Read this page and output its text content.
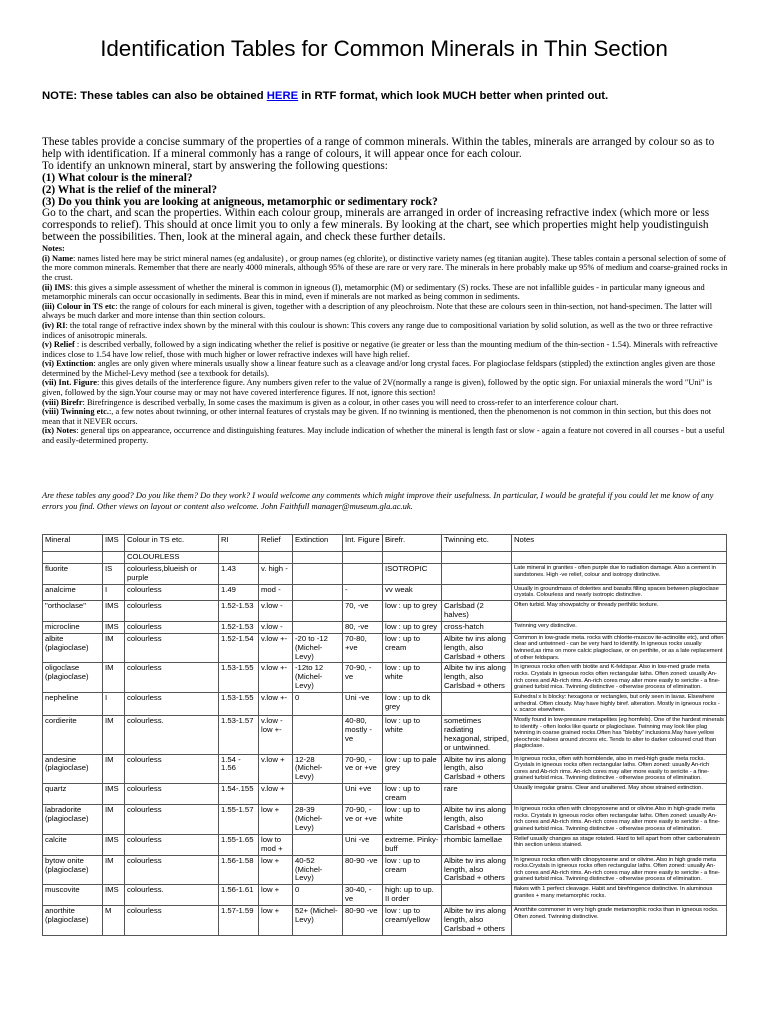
Identification Tables for Common Minerals in Thin Section

NOTE: These tables can also be obtained HERE in RTF format, which look MUCH better when printed out.

These tables provide a concise summary of the properties of a range of common minerals. Within the tables, minerals are arranged by colour so as to help with identification. If a mineral commonly has a range of colours, it will appear once for each colour.

To identify an unknown mineral, start by answering the following questions:

(1) What colour is the mineral?

(2) What is the relief of the mineral?

(3) Do you think you are looking at anigneous, metamorphic or sedimentary rock?

Go to the chart, and scan the properties. Within each colour group, minerals are arranged in order of increasing refractive index (which more or less corresponds to relief). This should at once limit you to only a few minerals. By looking at the chart, see which properties might help youdistinguish between the possibilities. Then, look at the mineral again, and check these further details.

Notes:

(i) Name: names listed here may be strict mineral names (eg andalusite) , or group names (eg chlorite), or distinctive variety names (eg titanian augite). These tables contain a personal selection of some of the more common minerals. Remember that there are nearly 4000 minerals, although 95% of these are rare or very rare. The minerals in here probably make up 95% of medium and coarse-grained rocks in the crust.

(ii) IMS: this gives a simple assessment of whether the mineral is common in igneous (I), metamorphic (M) or sedimentary (S) rocks. These are not infallible guides - in particular many igneous and metamorphic minerals can occur occasionally in sediments. Bear this in mind, even if minerals are not marked as being common in sediments.

(iii) Colour in TS etc: the range of colours for each mineral is given, together with a description of any pleochroism. Note that these are colours seen in thin-section, not hand-specimen. The latter will always be much darker and more intense than thin section colours.

(iv) RI: the total range of refractive index shown by the mineral with this coulour is shown: This covers any range due to compositional variation by solid solution, as well as the two or three refractive indices of anisotropic minerals.

(v) Relief : is described verbally, followed by a sign indicating whether the relief is positive or negative (ie greater or less than the mounting medium of the thin-section - 1.54). Minerals with refreactive indices close to 1.54 have low relief, those with much higher or lower refractive indexes will have high relief.

(vi) Extinction: angles are only given where minerals usually show a linear feature such as a cleavage and/or long crystal faces. For plagioclase feldspars (stippled) the extinction angles given are those determined by the Michel-Levy method (see a textbook for details).

(vii) Int. Figure: this gives details of the interference figure. Any numbers given refer to the value of 2V(normally a range is given), followed by the optic sign. For uniaxial minerals the word "Uni" is given, followed by the sign.Your course may or may not have covered interference figures. If not, ignore this section!

(viii) Birefr: Birefringence is described verbally, In some cases the maximum is given as a colour, in other cases you will need to cross-refer to an interference colour chart.

(viii) Twinning etc.:, a few notes about twinning, or other internal features of crystals may be given. If no twinning is mentioned, then the phenomenon is not common in thin section, but this does not mean that it NEVER occurs.

(ix) Notes: general tips on appearance, occurrence and distinguishing features. May include indication of whether the mineral is length fast or slow - again a feature not covered in all courses - but a useful and easily-determined property.

Are these tables any good? Do you like them? Do they work? I would welcome any comments which might improve their usefulness. In particular, I would be grateful if you could let me know of any errors you find. Other views on layout or content also welcome. John Faithfull manager@museum.gla.ac.uk.
Mineral	IMS	Colour in TS etc.	RI	Relief	Extinction	Int. Figure	Birefr.	Twinning etc.	Notes
		COLOURLESS							
fluorite	IS	colourless,blueish or purple	1.43	v. high -			ISOTROPIC		Late mineral in granites - often purple due to radiation damage. Also a cement in sandstones. High -ve relief, colour and isotropy distinctive.
analcime	I	colourless	1.49	mod -		-	vv weak		Usually in groundmass of dolerites and basalts filling spaces between plagioclase crystals. Colourless and nearly isotropic distinctive.
"orthoclase"	IMS	colourless	1.52-1.53	v.low -		70, -ve	low : up to grey	Carlsbad (2 halves)	Often turbid. May showpatchy or thready perthitic texture.
microcline	IMS	colourless	1.52-1.53	v.low -		80, -ve	low : up to grey	cross-hatch	Twinning very distinctive.
albite (plagioclase)	IM	colourless	1.52-1.54	v.low +-	-20 to -12 (Michel-Levy)	70-80, +ve	low : up to cream	Albite tw ins along length, also Carlsbad + others	Common in low-grade meta. rocks with chlorite-muscov ite-actinolite etc), and often clear and untwinned - can be very hard to identify. In igneous rocks usually twinned,as rims on more calcic plagioclase, or on perthite, or as a late replacement of other feldspars.
oligoclase (plagioclase)	IM	colourless	1.53-1.55	v.low +-	-12to 12 (Michel-Levy)	70-90, - ve	low : up to white	Albite tw ins along length, also Carlsbad + others	In igneous rocks often with biotite and K-feldspar. Also in low-med grade meta rocks. Crystals in igneous rocks often rectangular laths. Often zoned: usually An-rich cores and Ab-rich rims. An-rich cores may alter more easily to sericite - a fine-grained turbid mica. Twinning distinctive - otherwise process of elimination.
nepheline	I	colourless	1.53-1.55	v.low +-	0	Uni -ve	low : up to dk grey		Euhedral x ls blocky: hexagons or rectangles, but only seen in lavas. Elsewhere anhedral. Often cloudy. May have highly biref. alteration. Mostly in igneous rocks - v. scarce elsewhere.
cordierite	IM	colourless.	1.53-1.57	v.low - low +-		40-80, mostly - ve	low : up to white	sometimes radiating hexagonal, striped, or untwinned.	Mostly found in low-pressure metapelites (eg hornfels). One of the hardest minerals to identify - often looks like quartz or plagioclase. Twinning may look like plag twinning in coarse grained rocks.Often has "blebby" inclusions.May have yellow pleochroic haloes around zircons etc. Tends to alter to darker coloured crud than plagioclase.
andesine (plagioclase)	IM	colourless	1.54 - 1.56	v.low +	12-28 (Michel-Levy)	70-90, - ve or +ve	low : up to pale grey	Albite tw ins along length, also Carlsbad + others	In igneous rocks, often with hornblende, also in med-high grade meta rocks. Crystals in igneous rocks often rectangular laths. Often zoned: usually An-rich cores and Ab-rich rims. An-rich cores may alter more easily to sericite - a fine-grained turbid mica. Twinning distinctive - otherwise process of elimination.
quartz	IMS	colourless	1.54-.155	v.low +		Uni +ve	low : up to cream	rare	Usually irregular grains. Clear and unaltered. May show strained extinction.
labradorite (plagioclase)	IM	colourless	1.55-1.57	low +	28-39 (Michel-Levy)	70-90, - ve or +ve	low : up to white	Albite tw ins along length, also Carlsbad + others	In igneous rocks often with clinopyroxene and or olivine.Also in high-grade meta rocks. Crystals in igneous rocks often rectangular laths. Often zoned: usually An-rich cores and Ab-rich rims. An-rich cores may alter more easily to sericite - a fine-grained turbid mica. Twinning distinctive - otherwise process of elimination.
calcite	IMS	colourless	1.55-1.65	low to mod +		Uni -ve	extreme. Pinky-buff	rhombic lamellae	Relief usually changes as stage rotated. Hard to tell apart from other carbonatesin thin section unless stained.
bytow onite (plagioclase)	IM	colourless	1.56-1.58	low +	40-52 (Michel-Levy)	80-90 -ve	low : up to cream	Albite tw ins along length, also Carlsbad + others	In igneous rocks often with clinopyroxene and or olivine. Also in high grade meta rocks.Crystals in igneous rocks often rectangular laths. Often zoned: usually An-rich cores and Ab-rich rims. An-rich cores may alter more easily to sericite - a fine-grained turbid mica. Twinning distinctive - otherwise process of elimination.
muscovite	IMS	colourless.	1.56-1.61	low +	0	30-40, - ve	high: up to up. II order		flakes with 1 perfect cleavage. Habit and birefringence distinctive. In aluminous granites + many metamorphic rocks.
anorthite (plagioclase)	M	colourless	1.57-1.59	low +	52+ (Michel-Levy)	80-90 -ve	low : up to cream/yellow	Albite tw ins along length, also Carlsbad + others	Anorthite commoner in very high grade metamorphic rocks than in igneous rocks. Often zoned. Twinning distinctive.
